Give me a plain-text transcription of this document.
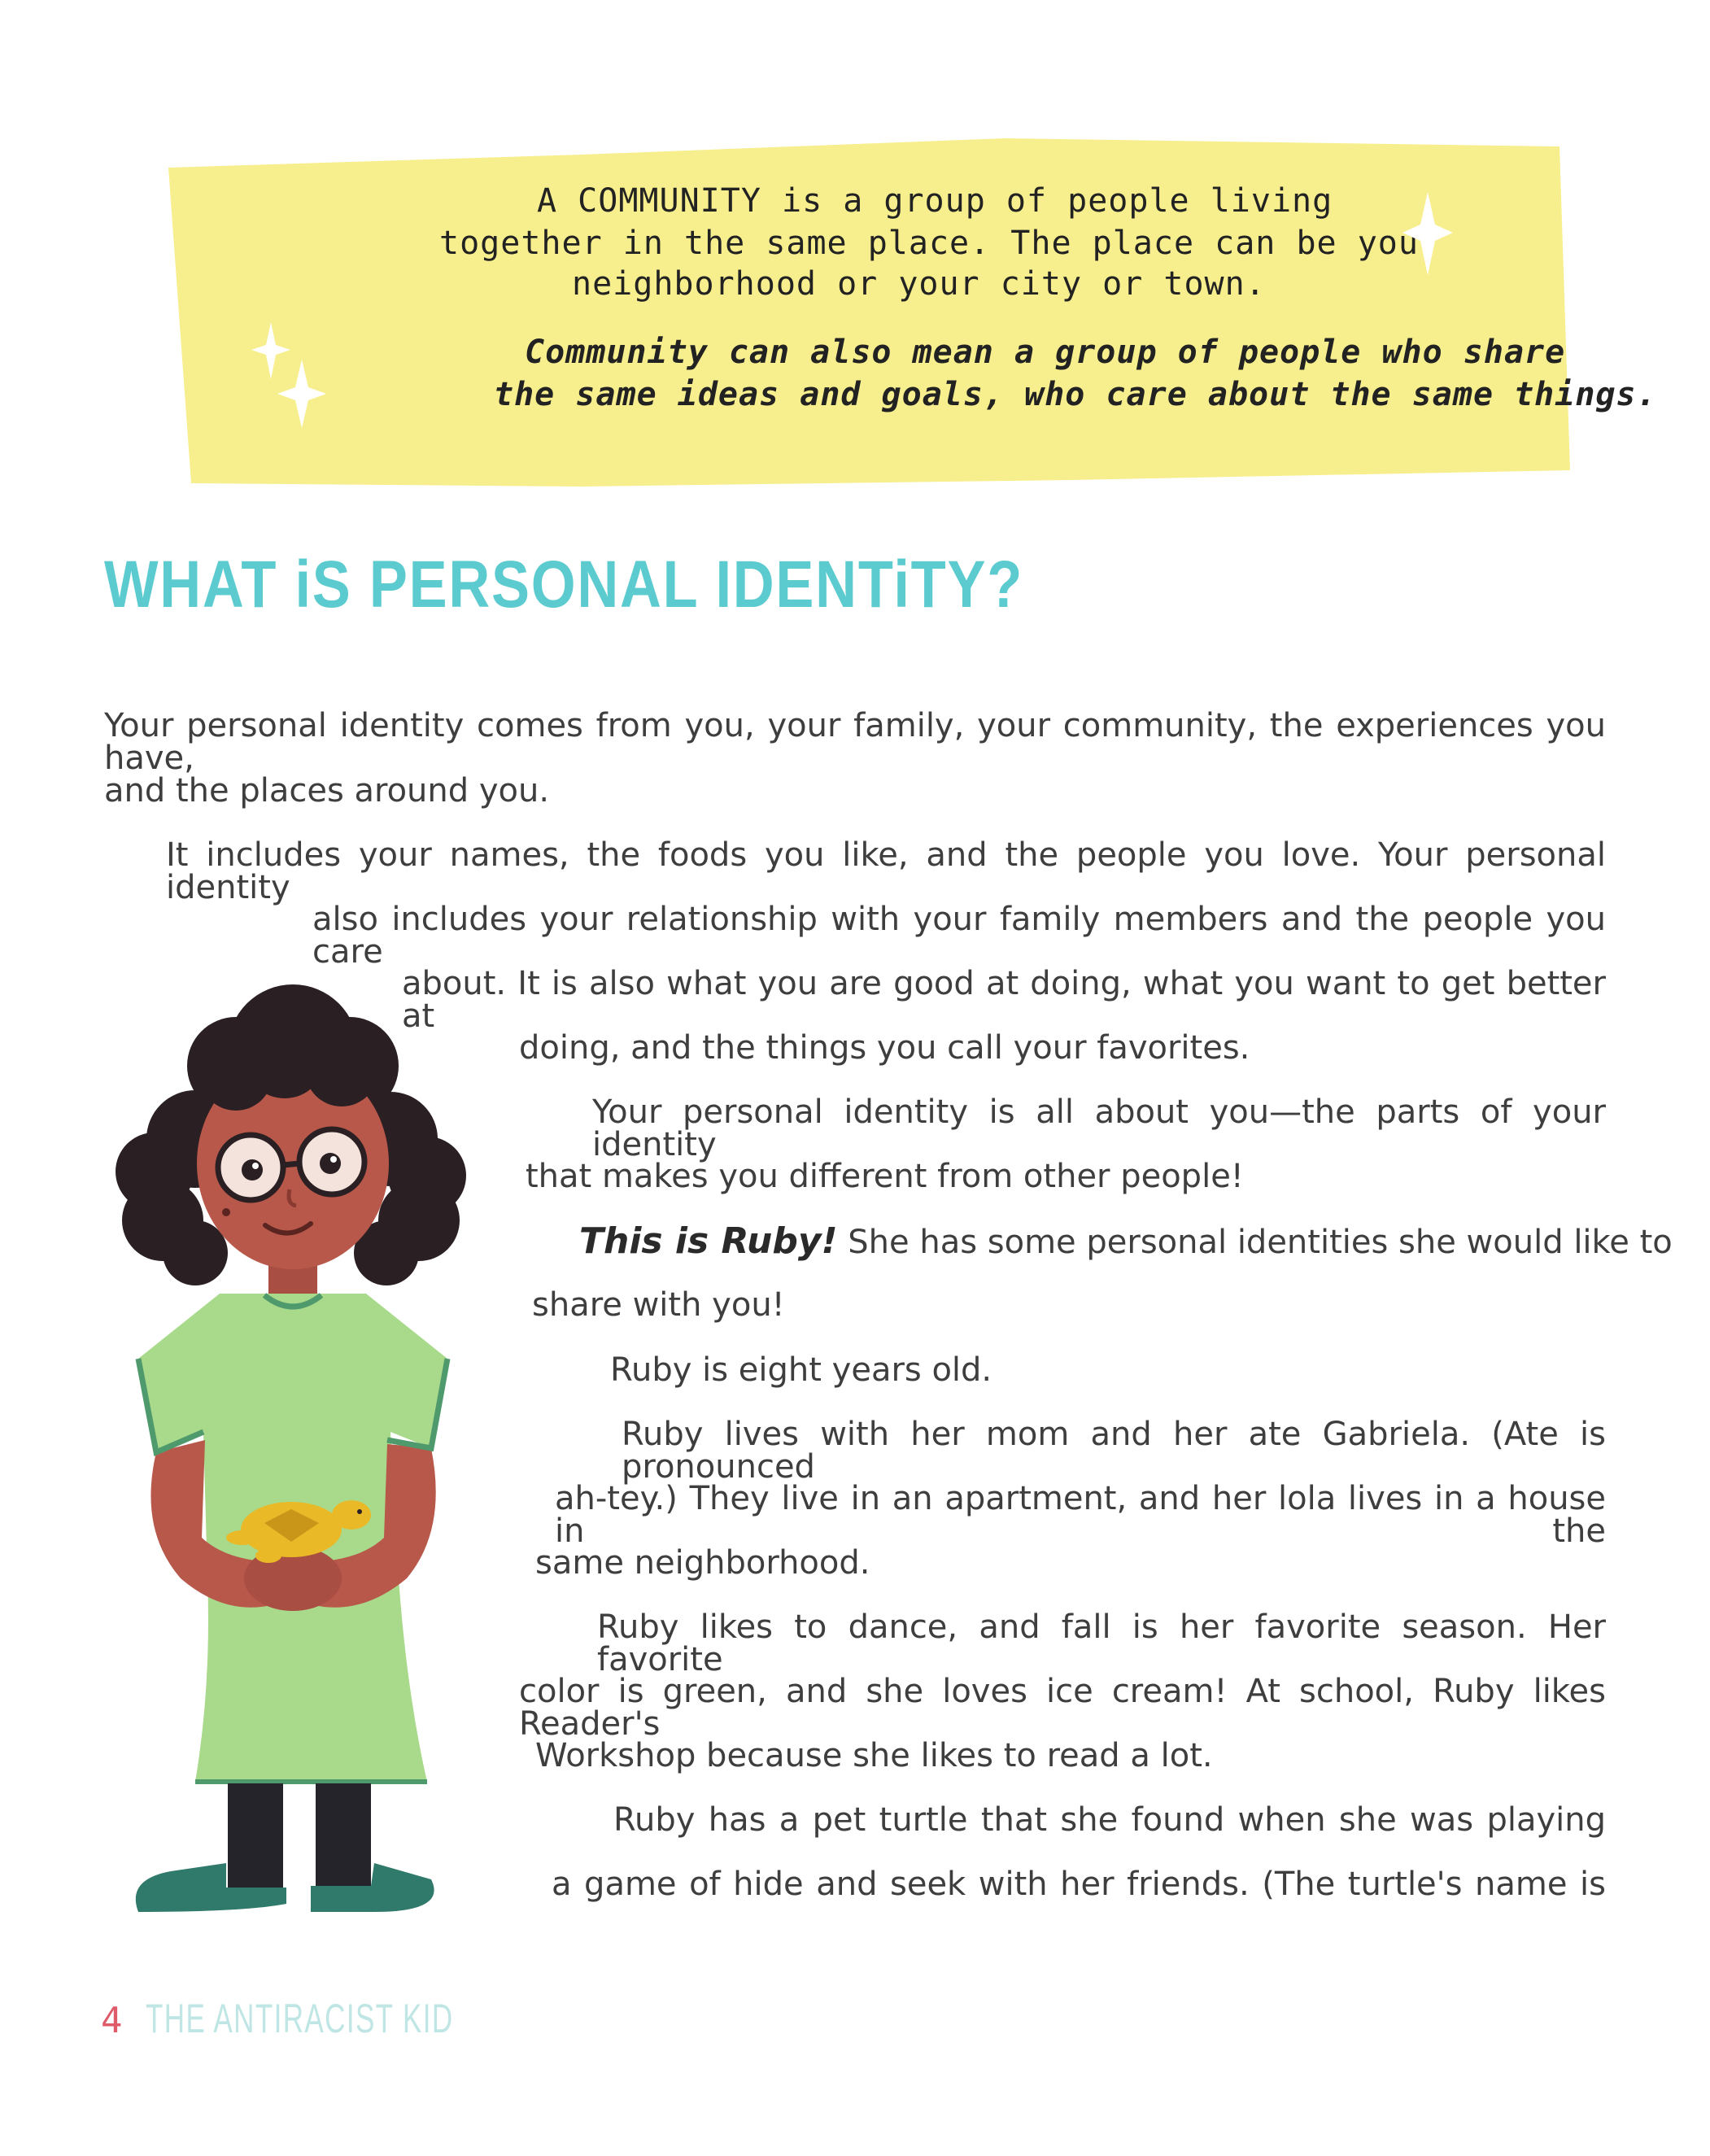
A COMMUNITY is a group of people living
together in the same place. The place can be your
neighborhood or your city or town.
Community can also mean a group of people who share
the same ideas and goals, who care about the same things.
WHAT iS PERSONAL IDENTiTY?
Your personal identity comes from you, your family, your community, the experiences you have,
and the places around you.
It includes your names, the foods you like, and the people you love. Your personal identity
also includes your relationship with your family members and the people you care
about. It is also what you are good at doing, what you want to get better at
doing, and the things you call your favorites.
Your personal identity is all about you—the parts of your identity
that makes you different from other people!
This is Ruby! She has some personal identities she would like to
share with you!
Ruby is eight years old.
Ruby lives with her mom and her ate Gabriela. (Ate is pronounced
ah-tey.) They live in an apartment, and her lola lives in a house in the
same neighborhood.
Ruby likes to dance, and fall is her favorite season. Her favorite
color is green, and she loves ice cream! At school, Ruby likes Reader's
Workshop because she likes to read a lot.
Ruby has a pet turtle that she found when she was playing
a game of hide and seek with her friends. (The turtle's name is
4 THE ANTIRACIST KID
